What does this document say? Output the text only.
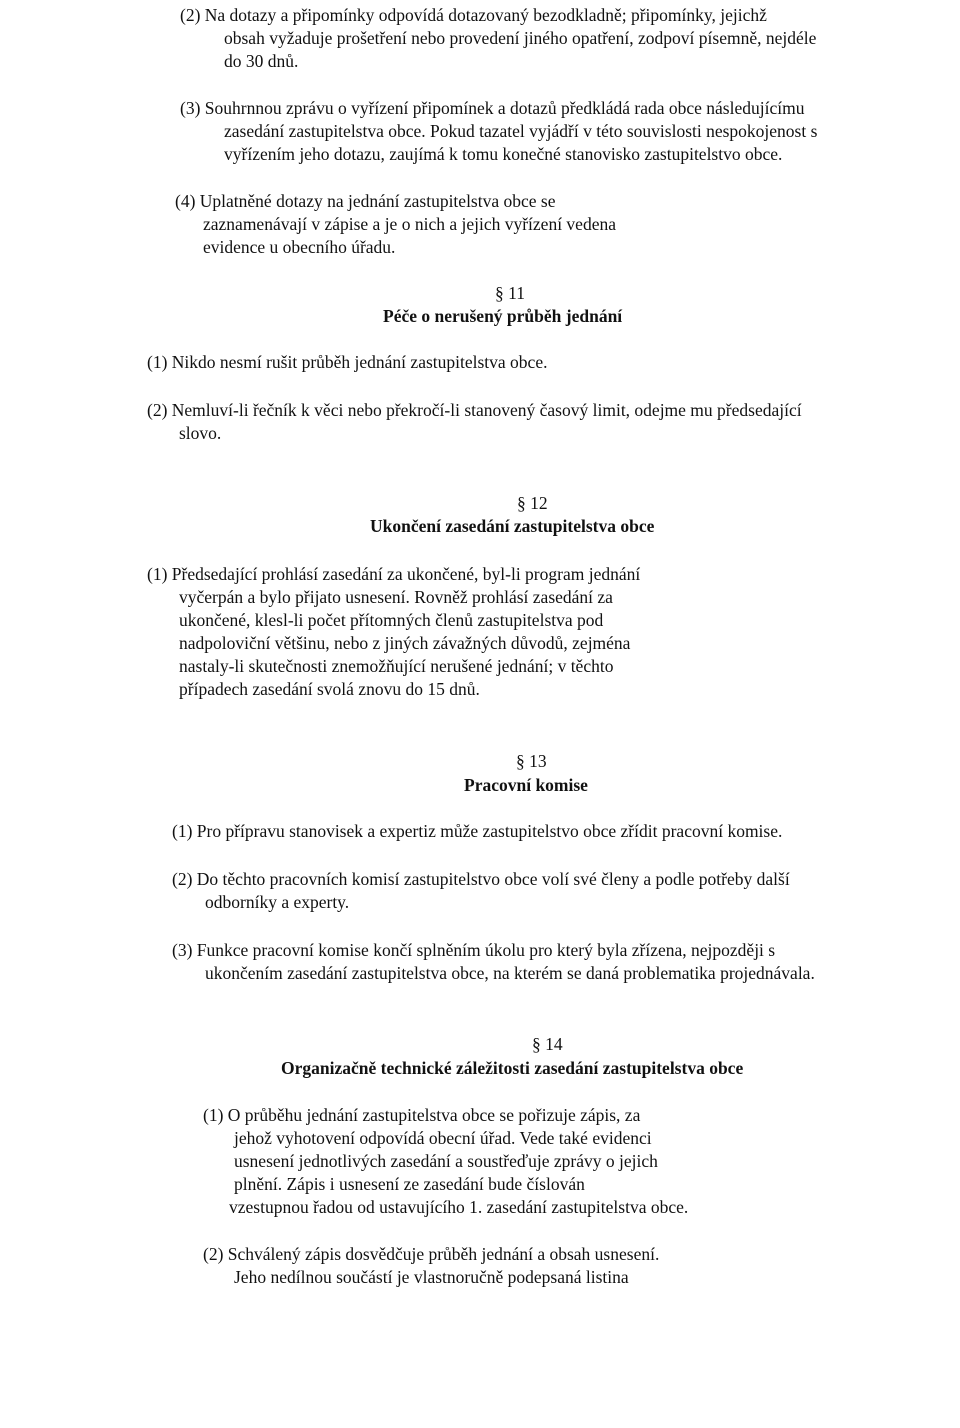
(2) Na dotazy a připomínky odpovídá dotazovaný bezodkladně; připomínky, jejichž
obsah vyžaduje prošetření nebo provedení jiného opatření, zodpoví písemně, nejdéle
do 30 dnů.
(3) Souhrnnou zprávu o vyřízení připomínek a dotazů předkládá rada obce následujícímu
zasedání zastupitelstva obce. Pokud tazatel vyjádří v této souvislosti nespokojenost s
vyřízením jeho dotazu, zaujímá k tomu konečné stanovisko zastupitelstvo obce.
(4) Uplatněné dotazy na jednání zastupitelstva obce se
zaznamenávají v zápise a je o nich a jejich vyřízení vedena
evidence u obecního úřadu.
§ 11
Péče o nerušený průběh jednání
(1) Nikdo nesmí rušit průběh jednání zastupitelstva obce.
(2) Nemluví-li řečník k věci nebo překročí-li stanovený časový limit, odejme mu předsedající
slovo.
§ 12
Ukončení zasedání zastupitelstva obce
(1) Předsedající prohlásí zasedání za ukončené, byl-li program jednání
vyčerpán a bylo přijato usnesení. Rovněž prohlásí zasedání za
ukončené, klesl-li počet přítomných členů zastupitelstva pod
nadpoloviční většinu, nebo z jiných závažných důvodů, zejména
nastaly-li skutečnosti znemožňující nerušené jednání; v těchto
případech zasedání svolá znovu do 15 dnů.
§ 13
Pracovní komise
(1) Pro přípravu stanovisek a expertiz může zastupitelstvo obce zřídit pracovní komise.
(2) Do těchto pracovních komisí zastupitelstvo obce volí své členy a podle potřeby další
odborníky a experty.
(3) Funkce pracovní komise končí splněním úkolu pro který byla zřízena, nejpozději s
ukončením zasedání zastupitelstva obce, na kterém se daná problematika projednávala.
§ 14
Organizačně technické záležitosti zasedání zastupitelstva obce
(1) O průběhu jednání zastupitelstva obce se pořizuje zápis, za
jehož vyhotovení odpovídá obecní úřad. Vede také evidenci
usnesení jednotlivých zasedání a soustřeďuje zprávy o jejich
plnění. Zápis i usnesení ze zasedání bude číslován
vzestupnou řadou od ustavujícího 1. zasedání zastupitelstva obce.
(2) Schválený zápis dosvědčuje průběh jednání a obsah usnesení.
Jeho nedílnou součástí je vlastnoručně podepsaná listina
